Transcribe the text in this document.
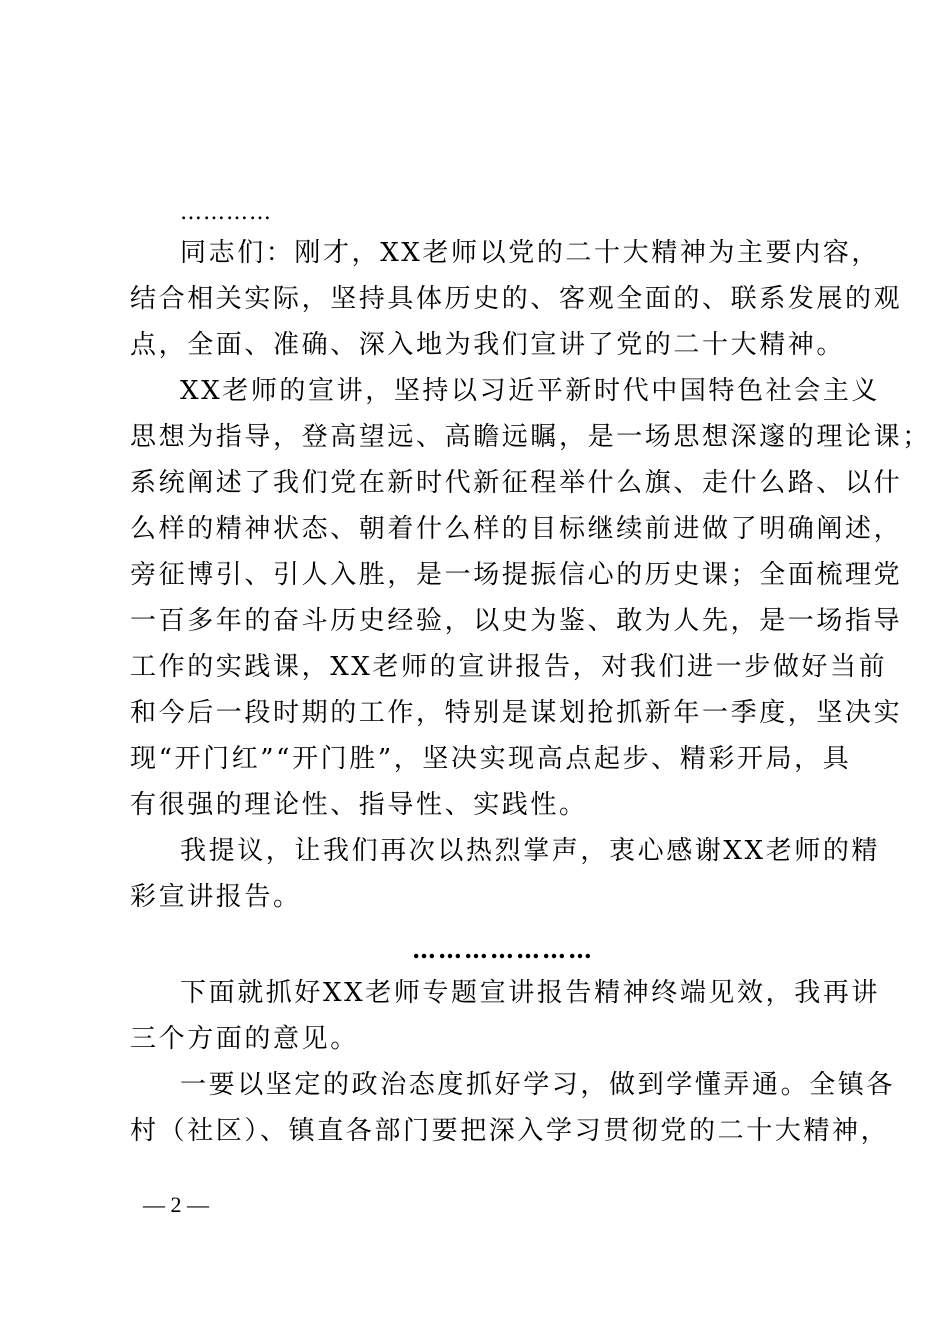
…………
同志们：刚才，XX老师以党的二十大精神为主要内容，
结合相关实际，坚持具体历史的、客观全面的、联系发展的观
点，全面、准确、深入地为我们宣讲了党的二十大精神。
XX老师的宣讲，坚持以习近平新时代中国特色社会主义
思想为指导，登高望远、高瞻远瞩，是一场思想深邃的理论课；
系统阐述了我们党在新时代新征程举什么旗、走什么路、以什
么样的精神状态、朝着什么样的目标继续前进做了明确阐述，
旁征博引、引人入胜，是一场提振信心的历史课；全面梳理党
一百多年的奋斗历史经验，以史为鉴、敢为人先，是一场指导
工作的实践课，XX老师的宣讲报告，对我们进一步做好当前
和今后一段时期的工作，特别是谋划抢抓新年一季度，坚决实
现“开门红”“开门胜”，坚决实现高点起步、精彩开局，具
有很强的理论性、指导性、实践性。
我提议，让我们再次以热烈掌声，衷心感谢XX老师的精
彩宣讲报告。
…………………
下面就抓好XX老师专题宣讲报告精神终端见效，我再讲
三个方面的意见。
一要以坚定的政治态度抓好学习，做到学懂弄通。全镇各
村（社区）、镇直各部门要把深入学习贯彻党的二十大精神，
— 2 —
